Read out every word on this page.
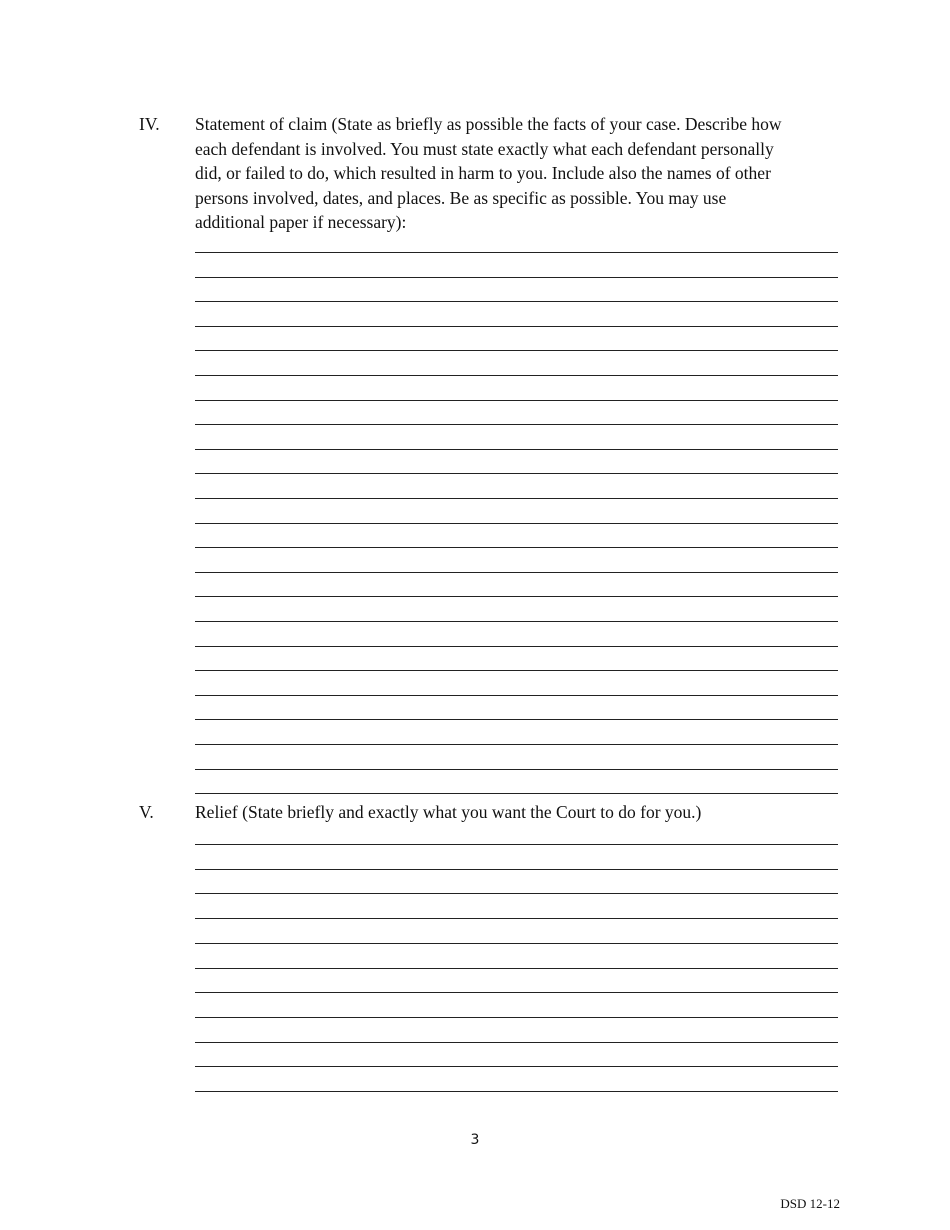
IV. Statement of claim (State as briefly as possible the facts of your case. Describe how
each defendant is involved. You must state exactly what each defendant personally
did, or failed to do, which resulted in harm to you. Include also the names of other
persons involved, dates, and places. Be as specific as possible. You may use
additional paper if necessary):
V. Relief (State briefly and exactly what you want the Court to do for you.)
3
DSD 12-12
